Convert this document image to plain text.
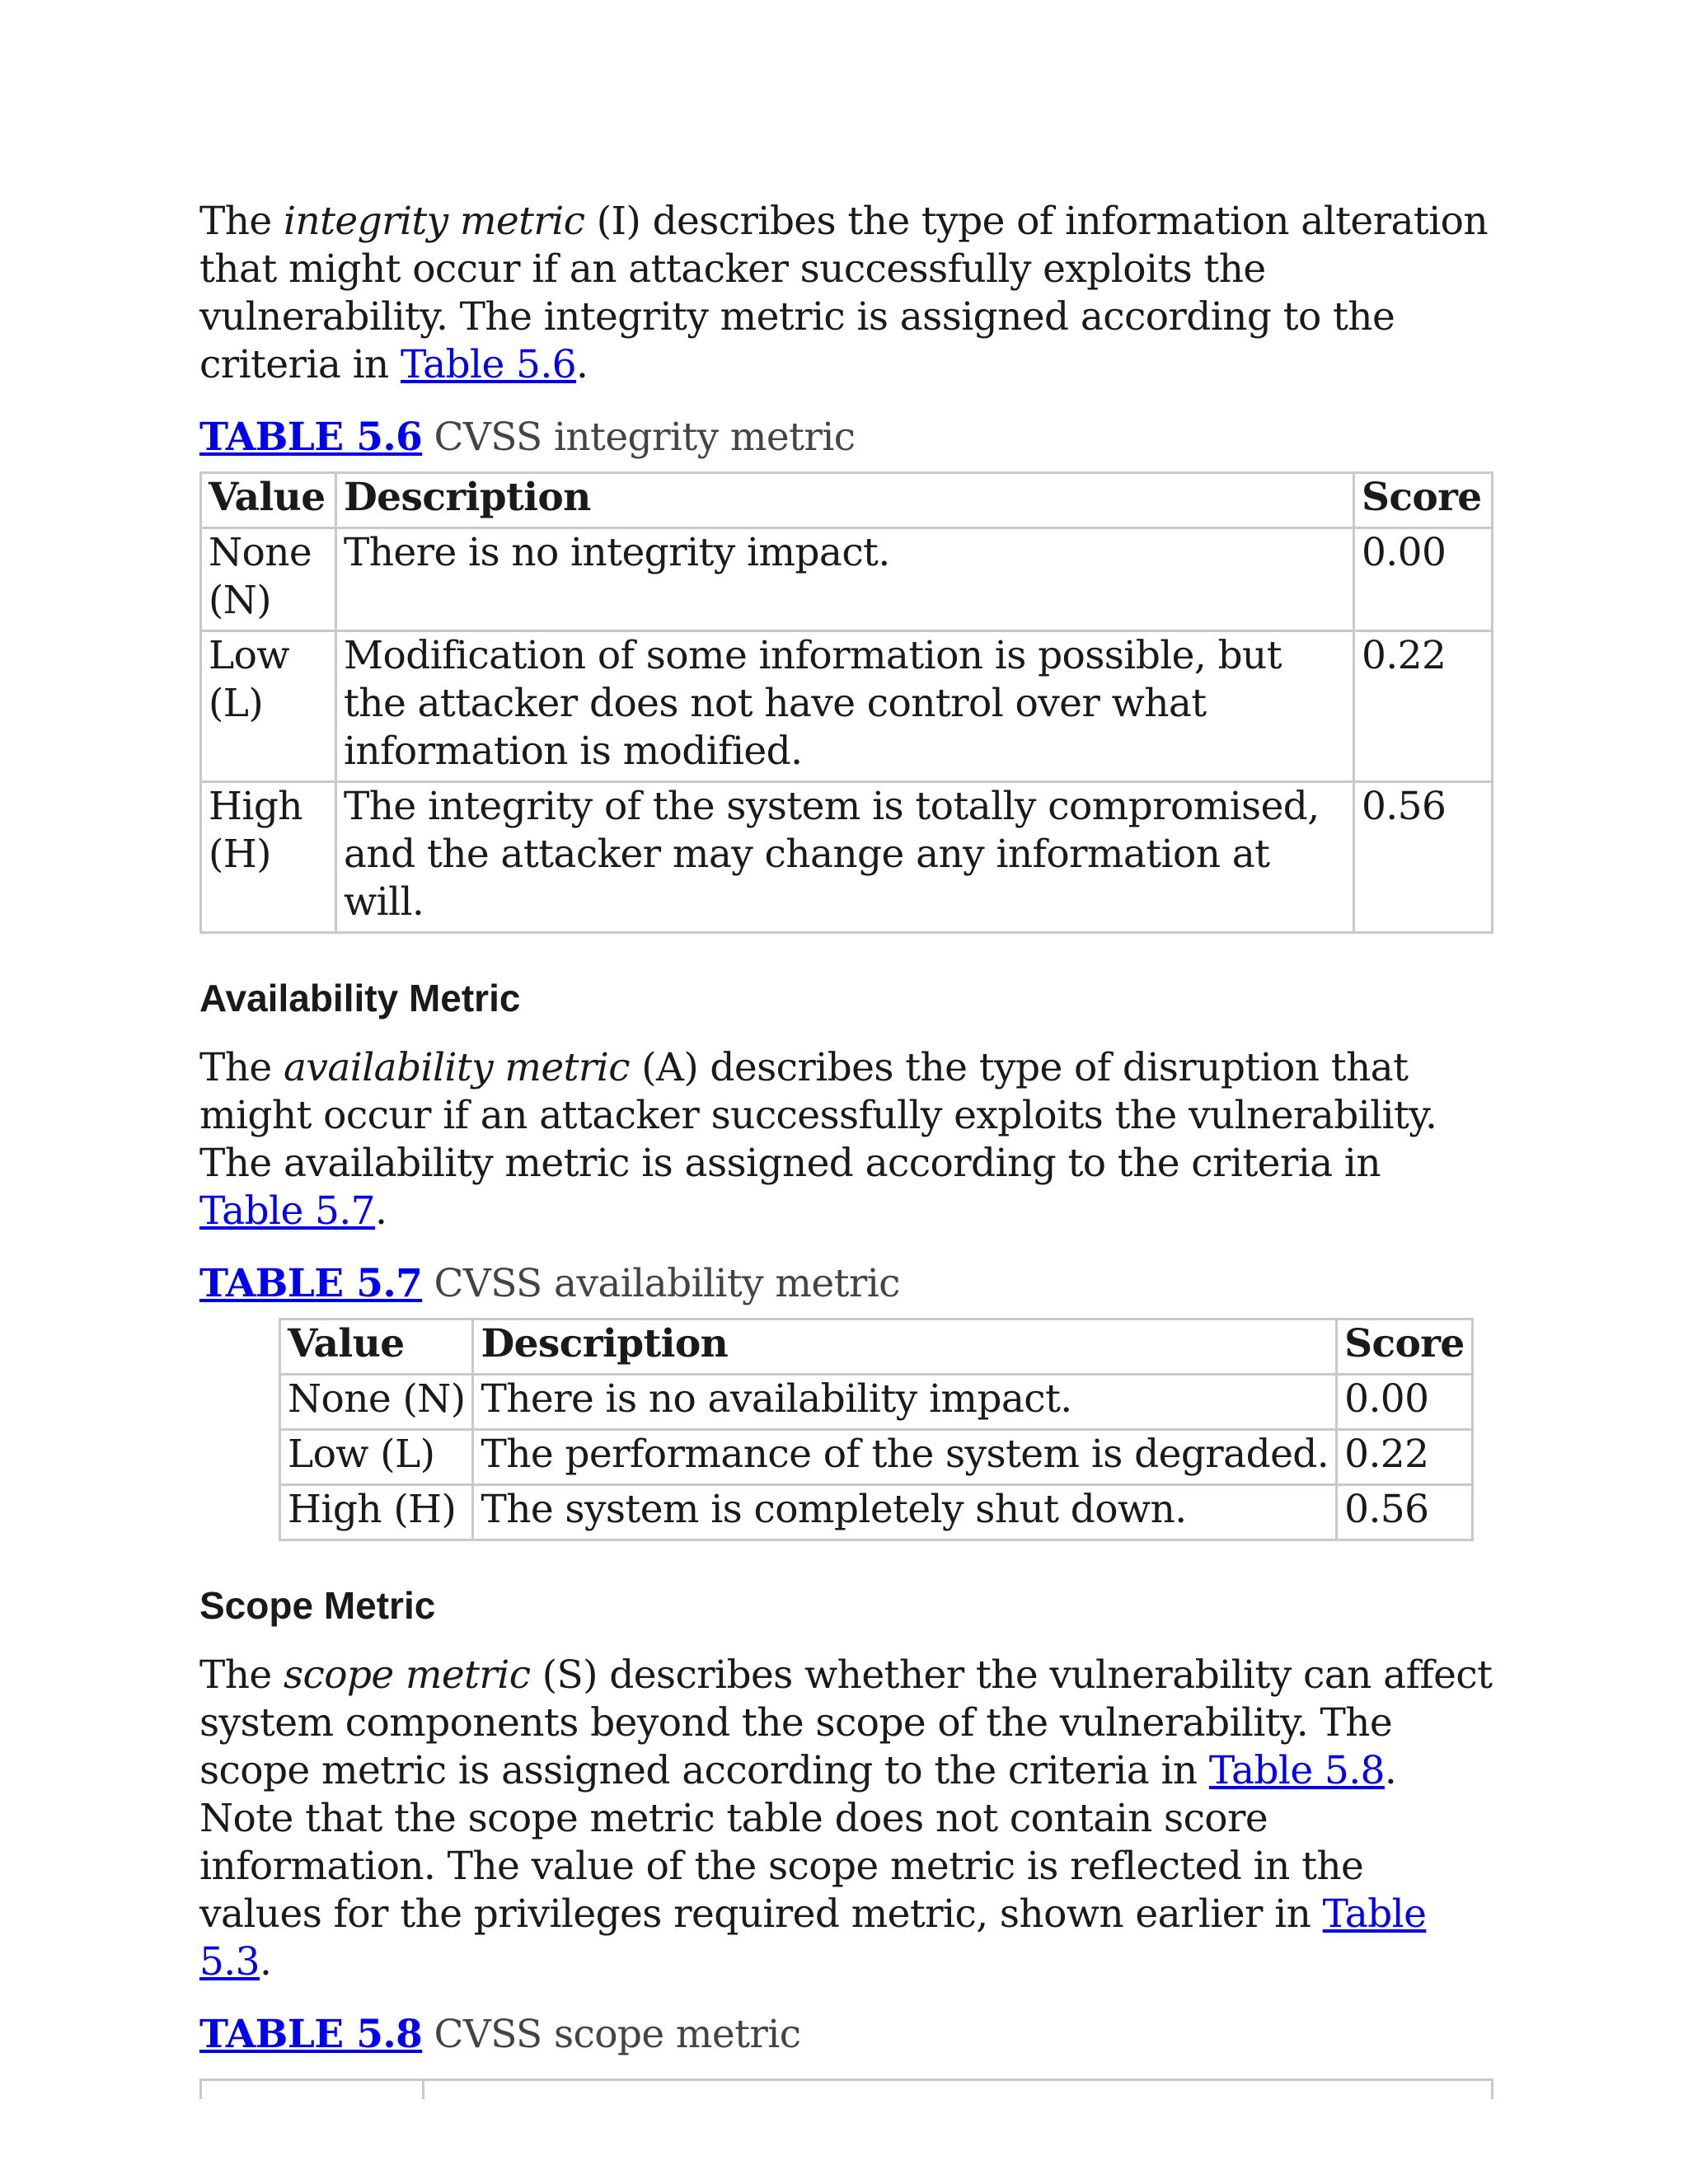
The integrity metric (I) describes the type of information alteration that might occur if an attacker successfully exploits the vulnerability. The integrity metric is assigned according to the criteria in Table 5.6.

TABLE 5.6 CVSS integrity metric

Value	Description	Score
None (N)	There is no integrity impact.	0.00
Low (L)	Modification of some information is possible, but the attacker does not have control over what information is modified.	0.22
High (H)	The integrity of the system is totally compromised, and the attacker may change any information at will.	0.56
Availability Metric

The availability metric (A) describes the type of disruption that might occur if an attacker successfully exploits the vulnerability. The availability metric is assigned according to the criteria in Table 5.7.

TABLE 5.7 CVSS availability metric

Value	Description	Score
None (N)	There is no availability impact.	0.00
Low (L)	The performance of the system is degraded.	0.22
High (H)	The system is completely shut down.	0.56
Scope Metric

The scope metric (S) describes whether the vulnerability can affect system components beyond the scope of the vulnerability. The scope metric is assigned according to the criteria in Table 5.8. Note that the scope metric table does not contain score information. The value of the scope metric is reflected in the values for the privileges required metric, shown earlier in Table 5.3.

TABLE 5.8 CVSS scope metric
